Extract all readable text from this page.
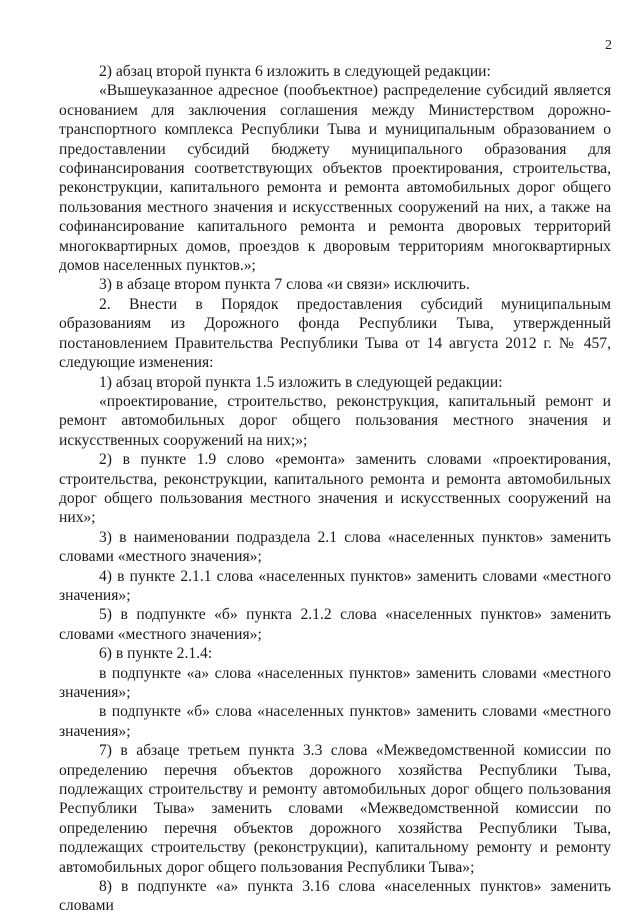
2

2) абзац второй пункта 6 изложить в следующей редакции:

«Вышеуказанное адресное (пообъектное) распределение субсидий является основанием для заключения соглашения между Министерством дорожно-транспортного комплекса Республики Тыва и муниципальным образованием о предоставлении субсидий бюджету муниципального образования для софинансирования соответствующих объектов проектирования, строительства, реконструкции, капитального ремонта и ремонта автомобильных дорог общего пользования местного значения и искусственных сооружений на них, а также на софинансирование капитального ремонта и ремонта дворовых территорий многоквартирных домов, проездов к дворовым территориям многоквартирных домов населенных пунктов.»;

3) в абзаце втором пункта 7 слова «и связи» исключить.

2. Внести в Порядок предоставления субсидий муниципальным образованиям из Дорожного фонда Республики Тыва, утвержденный постановлением Правительства Республики Тыва от 14 августа 2012 г. № 457, следующие изменения:

1) абзац второй пункта 1.5 изложить в следующей редакции:

«проектирование, строительство, реконструкция, капитальный ремонт и ремонт автомобильных дорог общего пользования местного значения и искусственных сооружений на них;»;

2) в пункте 1.9 слово «ремонта» заменить словами «проектирования, строительства, реконструкции, капитального ремонта и ремонта автомобильных дорог общего пользования местного значения и искусственных сооружений на них»;

3) в наименовании подраздела 2.1 слова «населенных пунктов» заменить словами «местного значения»;

4) в пункте 2.1.1 слова «населенных пунктов» заменить словами «местного значения»;

5) в подпункте «б» пункта 2.1.2 слова «населенных пунктов» заменить словами «местного значения»;

6) в пункте 2.1.4:

в подпункте «а» слова «населенных пунктов» заменить словами «местного значения»;

в подпункте «б» слова «населенных пунктов» заменить словами «местного значения»;

7) в абзаце третьем пункта 3.3 слова «Межведомственной комиссии по определению перечня объектов дорожного хозяйства Республики Тыва, подлежащих строительству и ремонту автомобильных дорог общего пользования Республики Тыва» заменить словами «Межведомственной комиссии по определению перечня объектов дорожного хозяйства Республики Тыва, подлежащих строительству (реконструкции), капитальному ремонту и ремонту автомобильных дорог общего пользования Республики Тыва»;

8) в подпункте «а» пункта 3.16 слова «населенных пунктов» заменить словами
